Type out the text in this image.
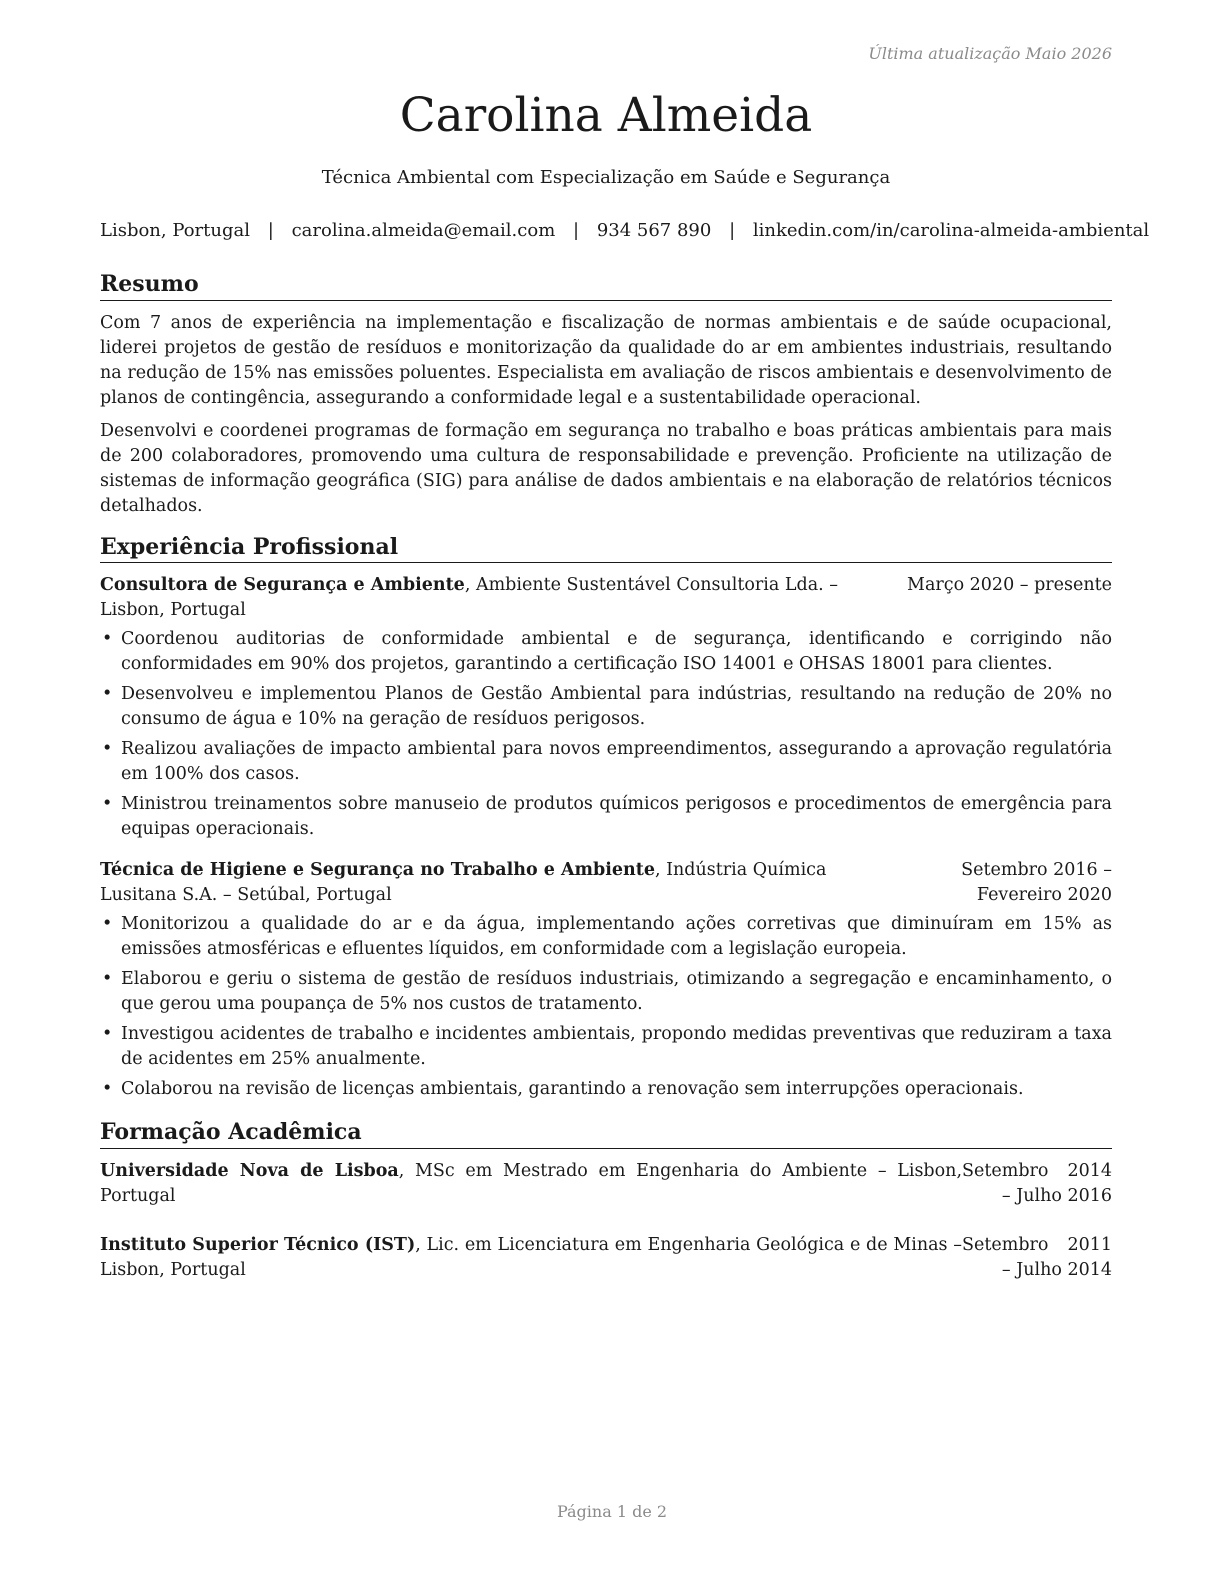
Última atualização Maio 2026
Carolina Almeida
Técnica Ambiental com Especialização em Saúde e Segurança
Lisbon, Portugal | carolina.almeida@email.com | 934 567 890 | linkedin.com/in/carolina-almeida-ambiental
Resumo

Com 7 anos de experiência na implementação e fiscalização de normas ambientais e de saúde ocupacional, liderei projetos de gestão de resíduos e monitorização da qualidade do ar em ambientes industriais, resultando na redução de 15% nas emissões poluentes. Especialista em avaliação de riscos ambientais e desenvolvimento de planos de contingência, assegurando a conformidade legal e a sustentabilidade operacional.

Desenvolvi e coordenei programas de formação em segurança no trabalho e boas práticas ambientais para mais de 200 colaboradores, promovendo uma cultura de responsabilidade e prevenção. Proficiente na utilização de sistemas de informação geográfica (SIG) para análise de dados ambientais e na elaboração de relatórios técnicos detalhados.

Experiência Profissional
Consultora de Segurança e Ambiente, Ambiente Sustentável Consultoria Lda. – Lisbon, Portugal
Março 2020 – presente
• Coordenou auditorias de conformidade ambiental e de segurança, identificando e corrigindo não conformidades em 90% dos projetos, garantindo a certificação ISO 14001 e OHSAS 18001 para clientes.
• Desenvolveu e implementou Planos de Gestão Ambiental para indústrias, resultando na redução de 20% no consumo de água e 10% na geração de resíduos perigosos.
• Realizou avaliações de impacto ambiental para novos empreendimentos, assegurando a aprovação regulatória em 100% dos casos.
• Ministrou treinamentos sobre manuseio de produtos químicos perigosos e procedimentos de emergência para equipas operacionais.
Técnica de Higiene e Segurança no Trabalho e Ambiente, Indústria Química Lusitana S.A. – Setúbal, Portugal
Setembro 2016 – Fevereiro 2020
• Monitorizou a qualidade do ar e da água, implementando ações corretivas que diminuíram em 15% as emissões atmosféricas e efluentes líquidos, em conformidade com a legislação europeia.
• Elaborou e geriu o sistema de gestão de resíduos industriais, otimizando a segregação e encaminhamento, o que gerou uma poupança de 5% nos custos de tratamento.
• Investigou acidentes de trabalho e incidentes ambientais, propondo medidas preventivas que reduziram a taxa de acidentes em 25% anualmente.
• Colaborou na revisão de licenças ambientais, garantindo a renovação sem interrupções operacionais.
Formação Acadêmica
Universidade Nova de Lisboa, MSc em Mestrado em Engenharia do Ambiente – Lisbon, Portugal
Setembro 2014 – Julho 2016
Instituto Superior Técnico (IST), Lic. em Licenciatura em Engenharia Geológica e de Minas – Lisbon, Portugal
Setembro 2011 – Julho 2014
Página 1 de 2
